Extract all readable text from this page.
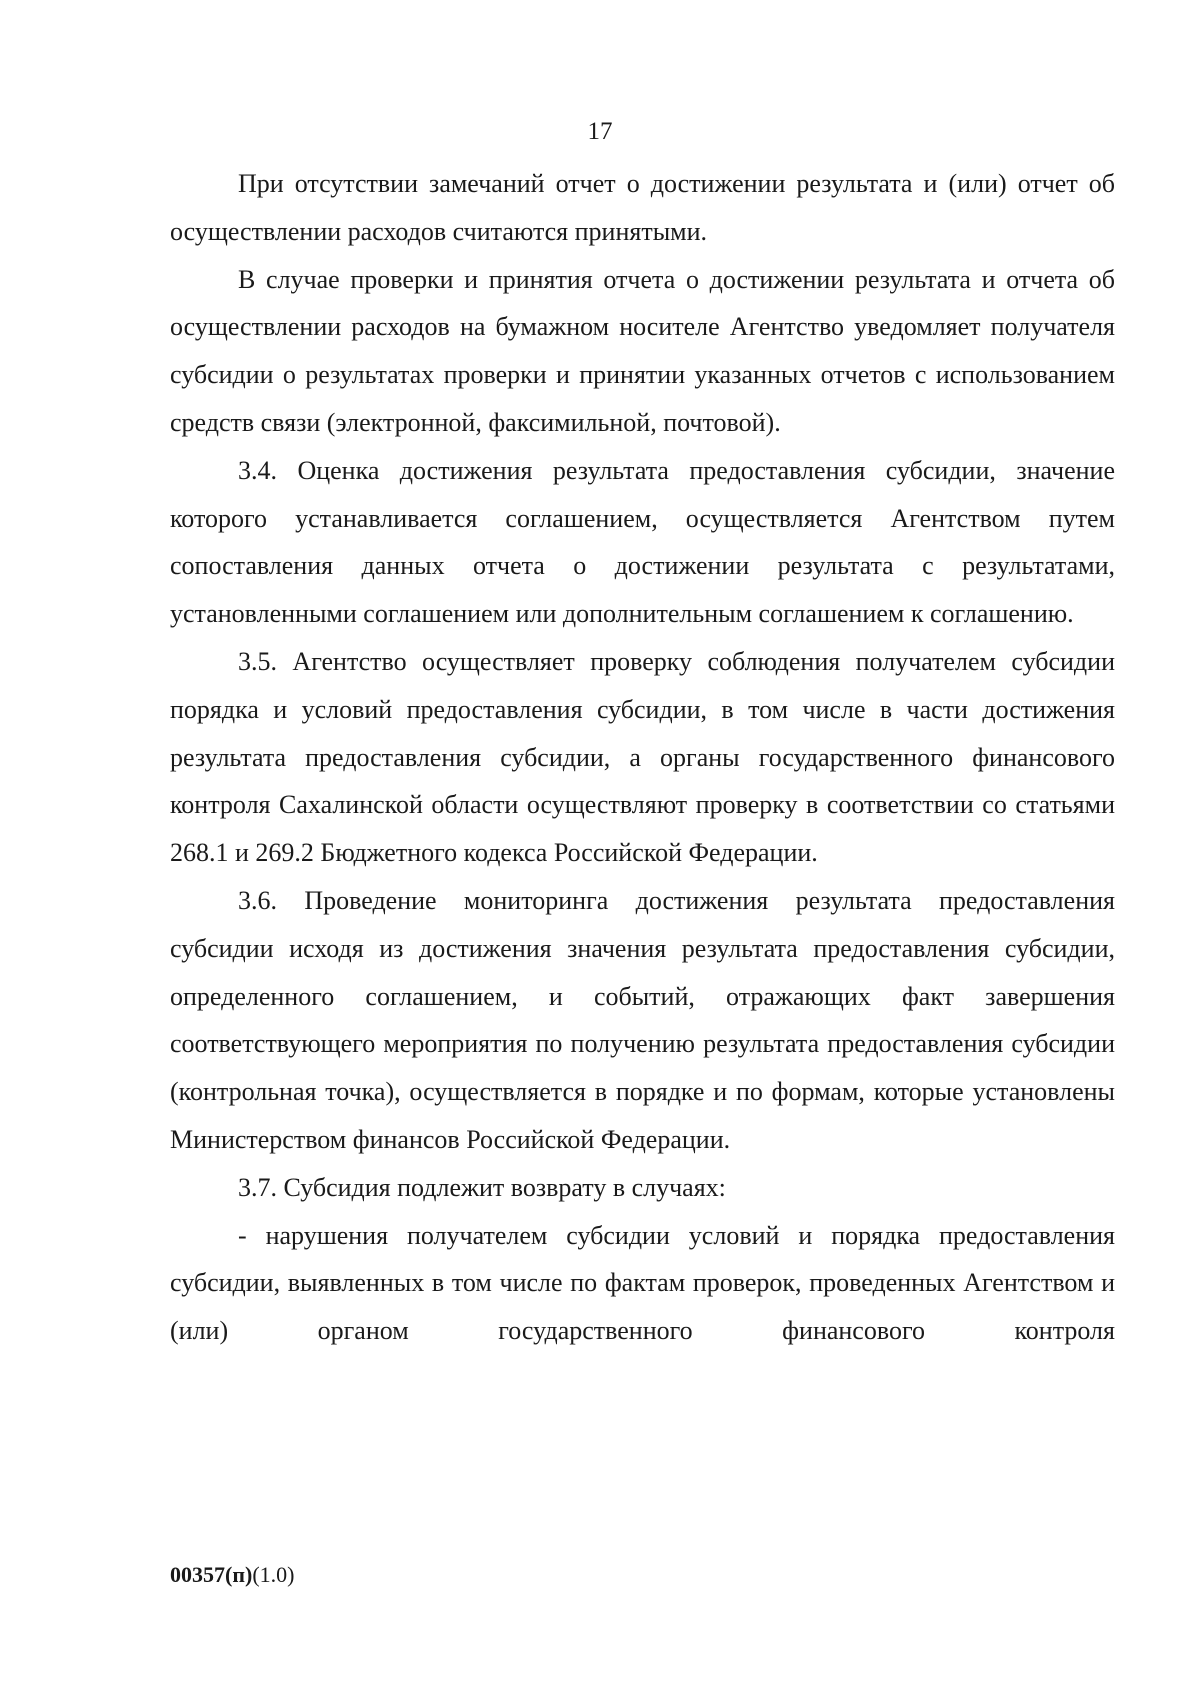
17

При отсутствии замечаний отчет о достижении результата и (или) отчет об осуществлении расходов считаются принятыми.

В случае проверки и принятия отчета о достижении результата и отчета об осуществлении расходов на бумажном носителе Агентство уведомляет получателя субсидии о результатах проверки и принятии указанных отчетов с использованием средств связи (электронной, факсимильной, почтовой).

3.4. Оценка достижения результата предоставления субсидии, значение которого устанавливается соглашением, осуществляется Агентством путем сопоставления данных отчета о достижении результата с результатами, установленными соглашением или дополнительным соглашением к соглашению.

3.5. Агентство осуществляет проверку соблюдения получателем субсидии порядка и условий предоставления субсидии, в том числе в части достижения результата предоставления субсидии, а органы государственного финансового контроля Сахалинской области осуществляют проверку в соответствии со статьями 268.1 и 269.2 Бюджетного кодекса Российской Федерации.

3.6. Проведение мониторинга достижения результата предоставления субсидии исходя из достижения значения результата предоставления субсидии, определенного соглашением, и событий, отражающих факт завершения соответствующего мероприятия по получению результата предоставления субсидии (контрольная точка), осуществляется в порядке и по формам, которые установлены Министерством финансов Российской Федерации.

3.7. Субсидия подлежит возврату в случаях:

- нарушения получателем субсидии условий и порядка предоставления субсидии, выявленных в том числе по фактам проверок, проведенных Агентством и (или) органом государственного финансового контроля

00357(п)(1.0)
